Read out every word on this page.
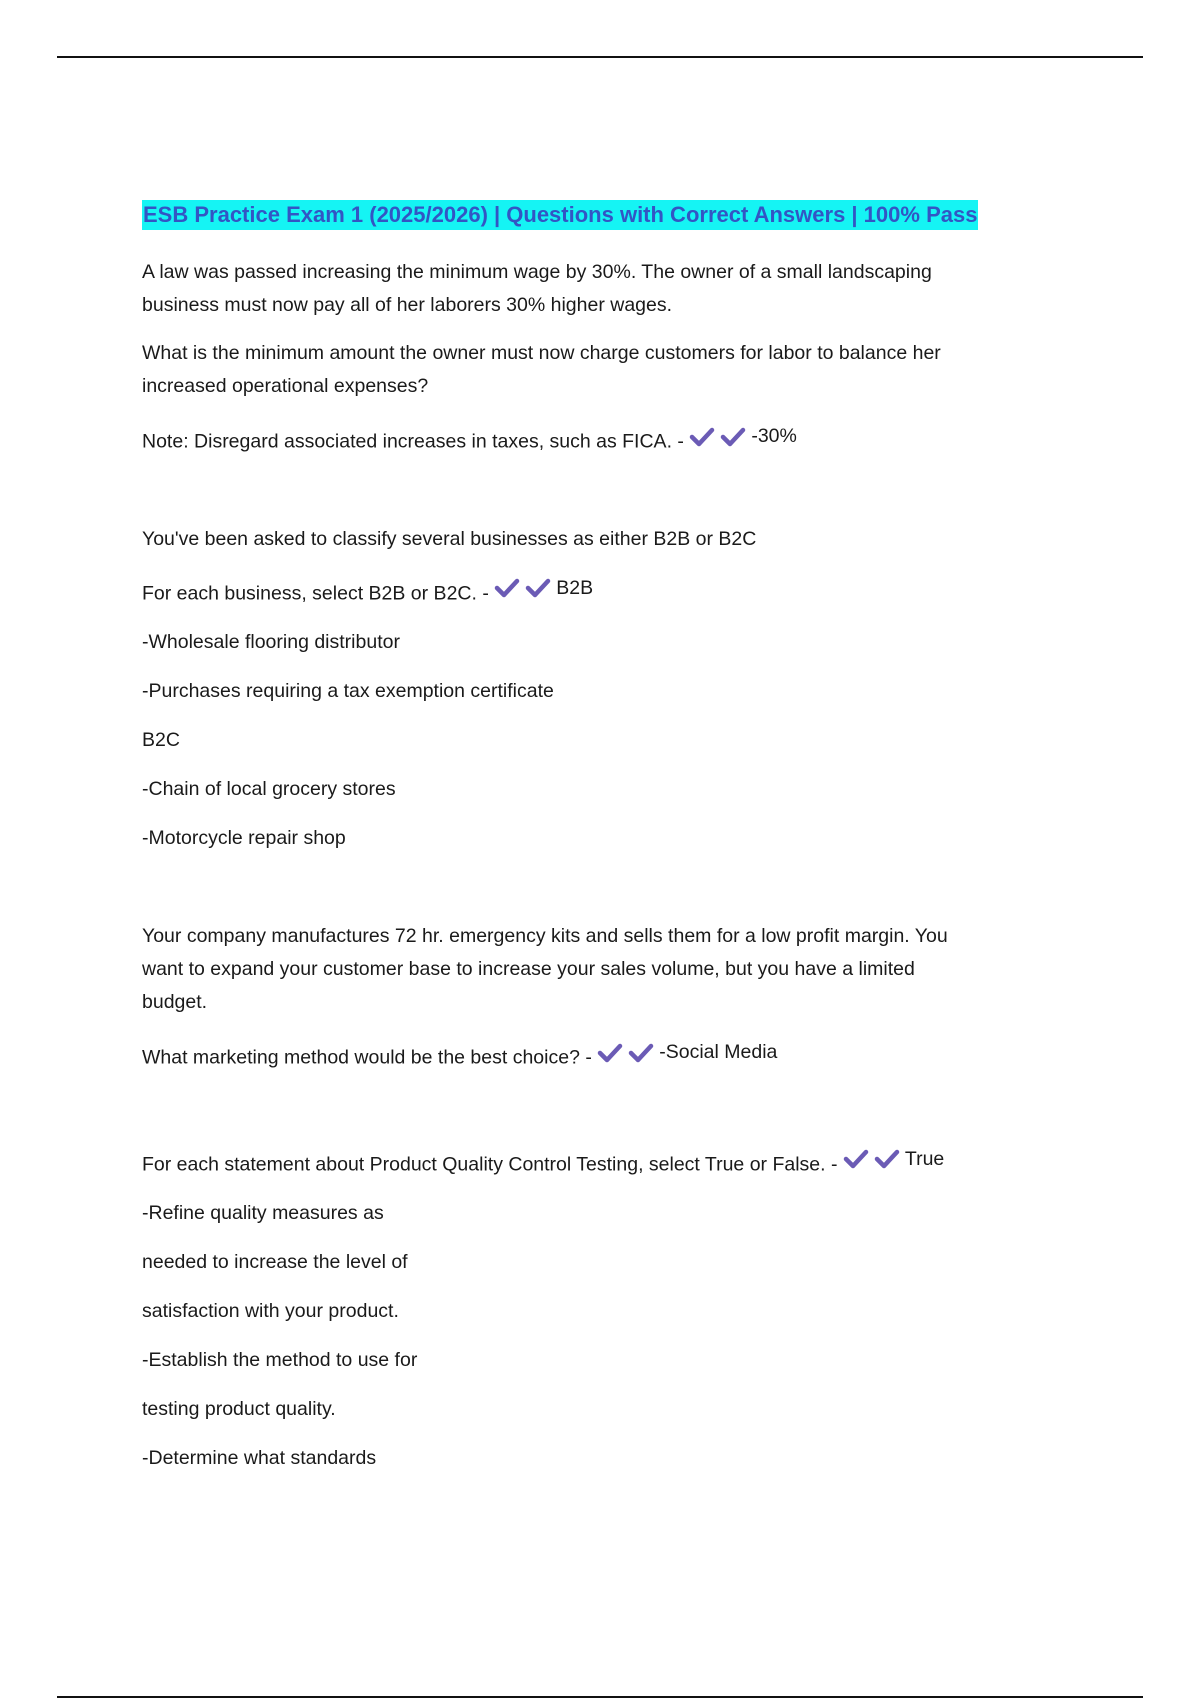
ESB Practice Exam 1 (2025/2026) | Questions with Correct Answers | 100% Pass

A law was passed increasing the minimum wage by 30%. The owner of a small landscaping

business must now pay all of her laborers 30% higher wages.

What is the minimum amount the owner must now charge customers for labor to balance her

increased operational expenses?

Note: Disregard associated increases in taxes, such as FICA. -	-30%

You've been asked to classify several businesses as either B2B or B2C

For each business, select B2B or B2C. -	B2B

-Wholesale flooring distributor

-Purchases requiring a tax exemption certificate

B2C

-Chain of local grocery stores

-Motorcycle repair shop

Your company manufactures 72 hr. emergency kits and sells them for a low profit margin. You

want to expand your customer base to increase your sales volume, but you have a limited

budget.

What marketing method would be the best choice? -	-Social Media

For each statement about Product Quality Control Testing, select True or False. -	True

-Refine quality measures as

needed to increase the level of

satisfaction with your product.

-Establish the method to use for

testing product quality.

-Determine what standards
